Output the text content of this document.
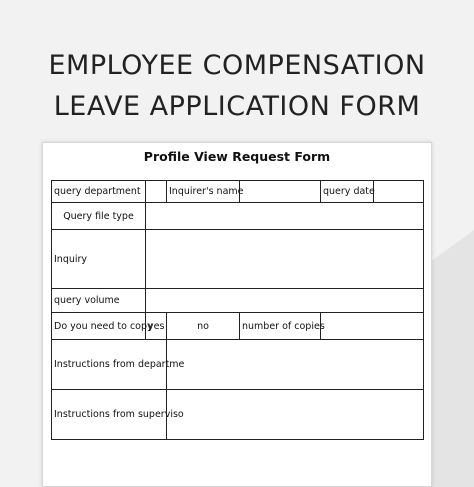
EMPLOYEE COMPENSATION
LEAVE APPLICATION FORM
Profile View Request Form
query department		Inquirer's name		query date	
Query file type					
Inquiry					
query volume					
Do you need to copy	yes	no	number of copies		
Instructions from departme					
Instructions from superviso					
